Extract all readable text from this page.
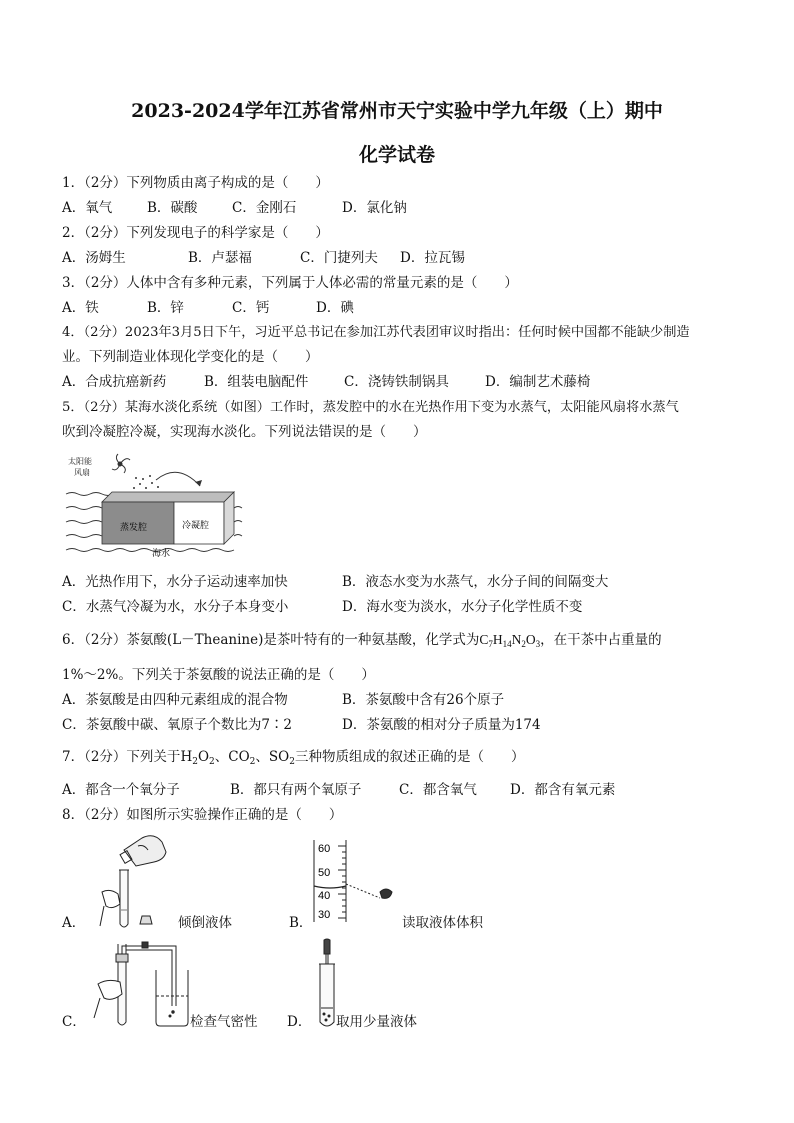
2023-2024学年江苏省常州市天宁实验中学九年级（上）期中
化学试卷
1．（2分）下列物质由离子构成的是（　　）
A．氧气	B．碳酸	C．金刚石	D．氯化钠
2．（2分）下列发现电子的科学家是（　　）
A．汤姆生	B．卢瑟福	C．门捷列夫 D．拉瓦锡
3．（2分）人体中含有多种元素，下列属于人体必需的常量元素的是（　　）
A．铁	B．锌	C．钙	D．碘
4．（2分）2023年3月5日下午，习近平总书记在参加江苏代表团审议时指出：任何时候中国都不能缺少制造
业。下列制造业体现化学变化的是（　　）
A．合成抗癌新药	B．组装电脑配件	C．浇铸铁制锅具	D．编制艺术藤椅
5．（2分）某海水淡化系统（如图）工作时，蒸发腔中的水在光热作用下变为水蒸气，太阳能风扇将水蒸气
吹到冷凝腔冷凝，实现海水淡化。下列说法错误的是（　　）
太阳能
风扇
蒸发腔	冷凝腔
海水
A．光热作用下，水分子运动速率加快	B．液态水变为水蒸气，水分子间的间隔变大
C．水蒸气冷凝为水，水分子本身变小	D．海水变为淡水，水分子化学性质不变
6．（2分）茶氨酸(L－Theanine)是茶叶特有的一种氨基酸，化学式为$C_7H_{14}N_2O_3$，在干茶中占重量的
1%～2%。下列关于茶氨酸的说法正确的是（　　）
A．茶氨酸是由四种元素组成的混合物	B．茶氨酸中含有26个原子
C．茶氨酸中碳、氧原子个数比为7∶2	D．茶氨酸的相对分子质量为174
7．（2分）下列关于$H_2O_2$、$CO_2$、$SO_2$三种物质组成的叙述正确的是（　　）
A．都含一个氧分子	B．都只有两个氧原子	C．都含氧气 D．都含有氧元素
8．（2分）如图所示实验操作正确的是（　　）
A．	倾倒液体
60
50
40
30
B．	读取液体体积
C．	检查气密性 D． 取用少量液体
